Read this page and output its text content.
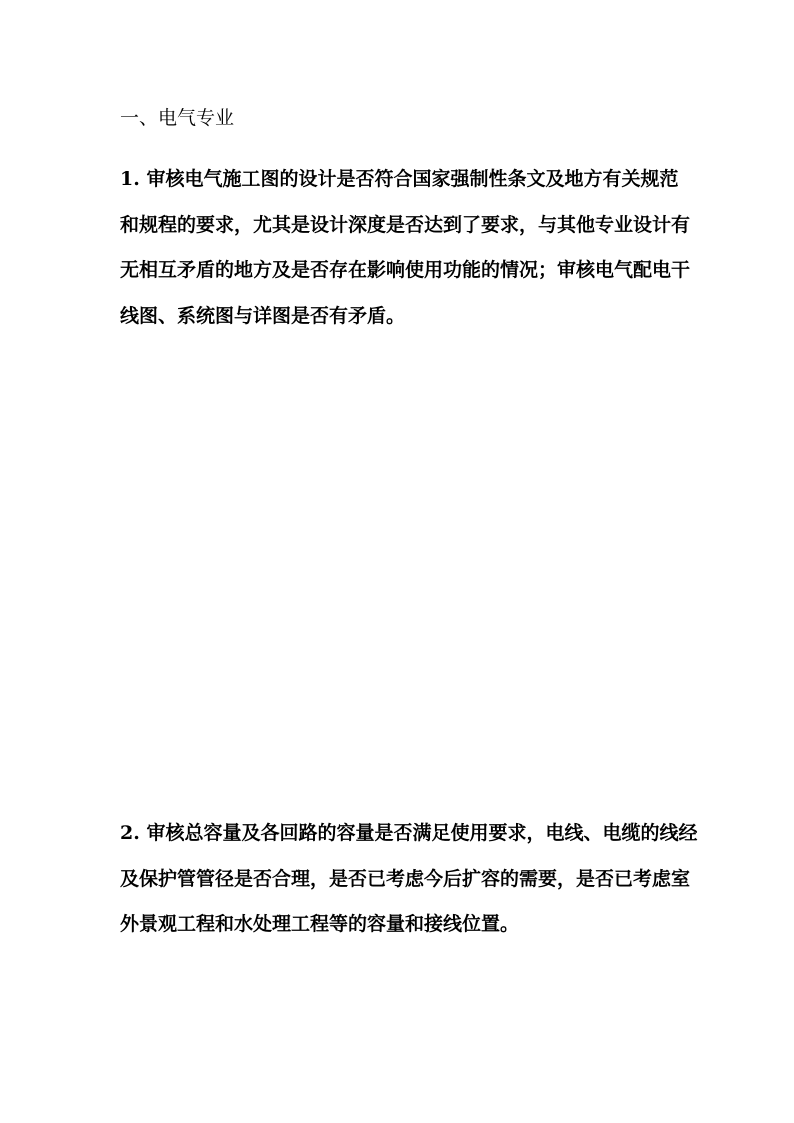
一、电气专业

1. 审核电气施工图的设计是否符合国家强制性条文及地方有关规范
和规程的要求，尤其是设计深度是否达到了要求，与其他专业设计有
无相互矛盾的地方及是否存在影响使用功能的情况；审核电气配电干
线图、系统图与详图是否有矛盾。

2. 审核总容量及各回路的容量是否满足使用要求，电线、电缆的线经
及保护管管径是否合理，是否已考虑今后扩容的需要，是否已考虑室
外景观工程和水处理工程等的容量和接线位置。
